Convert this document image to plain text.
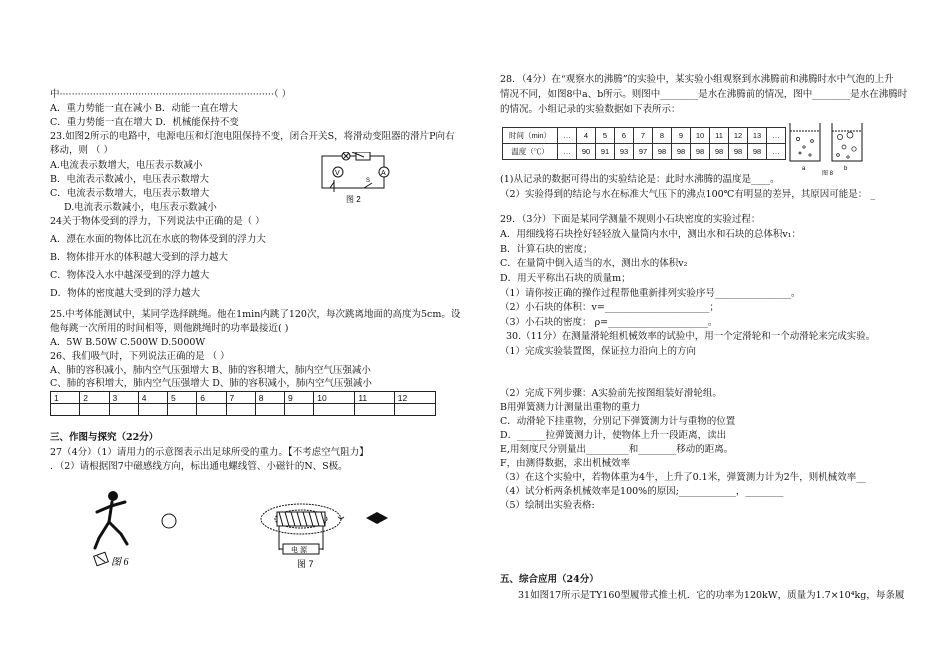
中·······································································（ ）
A．重力势能一直在减小 B．动能一直在增大
C．重力势能一直在增大 D．机械能保持不变
23.如图2所示的电路中，电源电压和灯泡电阻保持不变，闭合开关S，将滑动变阻器的滑片P向右
移动，则 （ ）
A.电流表示数增大，电压表示数减小
B．电流表示数减小，电压表示数增大
C．电流表示数增大，电压表示数增大
D.电流表示数减小，电压表示数减小
24关于物体受到的浮力，下列说法中正确的是（ ）
A．漂在水面的物体比沉在水底的物体受到的浮力大
B．物体排开水的体积越大受到的浮力越大
C．物体没入水中越深受到的浮力越大
D．物体的密度越大受到的浮力越大
25.中考体能测试中，某同学选择跳绳。他在1min内跳了120次，每次跳离地面的高度为5cm。设
他每跳一次所用的时间相等，则他跳绳时的功率最接近( )
A．5W B.50W C.500W D.5000W
26、我们吸气时，下列说法正确的是 （ ）
A、肺的容积减小，肺内空气压强增大 B、肺的容积增大，肺内空气压强减小
C、肺的容积增大，肺内空气压强增大 D、肺的容积减小，肺内空气压强减小
1	2	3	4	5	6	7	8	9	10	11	12

三、作图与探究（22分）
27（4分）（1）请用力的示意图表示出足球所受的重力。【不考虑空气阻力】
．（2）请根据图7中磁感线方向，标出通电螺线管、小磁针的N、S极。
V	A
S
图 2
图 6
电 源
图 7
28．（4分）在“观察水的沸腾”的实验中，某实验小组观察到水沸腾前和沸腾时水中气泡的上升
情况不同，如图8中a、b所示。则图中________是水在沸腾前的情况，图中________是水在沸腾时
的情况。小组记录的实验数据如下表所示：
时间（min）	…	4	5	6	7	8	9	10	11	12	13	…
温度（℃）	…	90	91	93	97	98	98	98	98	98	98	…
a	b
图 8
(1)从记录的数据可得出的实验结论是：此时水沸腾的温度是____。
（2）实验得到的结论与水在标准大气压下的沸点100℃有明显的差异，其原因可能是： _
29．（3分）下面是某同学测量不规则小石块密度的实验过程：
A．用细线将石块拴好轻轻放入量筒内水中，测出水和石块的总体积v₁：
B．计算石块的密度；
C．在量筒中倒入适当的水，测出水的体积v₂
D．用天平称出石块的质量m；
（1）请你按正确的操作过程帮他重新排列实验序号________________。
（2）小石块的体积：v=______________________；
（3）小石块的密度： ρ=_____________________。
30.（11分）在测量滑轮组机械效率的试验中，用一个定滑轮和一个动滑轮来完成实验。
（1）完成实验装置图，保证拉力沿向上的方向
（2）完成下列步骤：A实验前先按图组装好滑轮组。
B用弹簧测力计测量出重物的重力
C．动滑轮下挂重物，分别记下弹簧测力计与重物的位置
D．______拉弹簧测力计，使物体上升一段距离，读出
E,用刻度尺分别量出_________和________移动的距离。
F，由测得数据，求出机械效率
（3）在这个实验中，若物体重为4牛，上升了0.1米，弹簧测力计为2牛，则机械效率__
（4）试分析两条机械效率是100%的原因;____________，________
（5）绘制出实验表格:
五、综合应用（24分）
31如图17所示是TY160型履带式推土机．它的功率为120kW，质量为1.7×10⁴kg，每条履
